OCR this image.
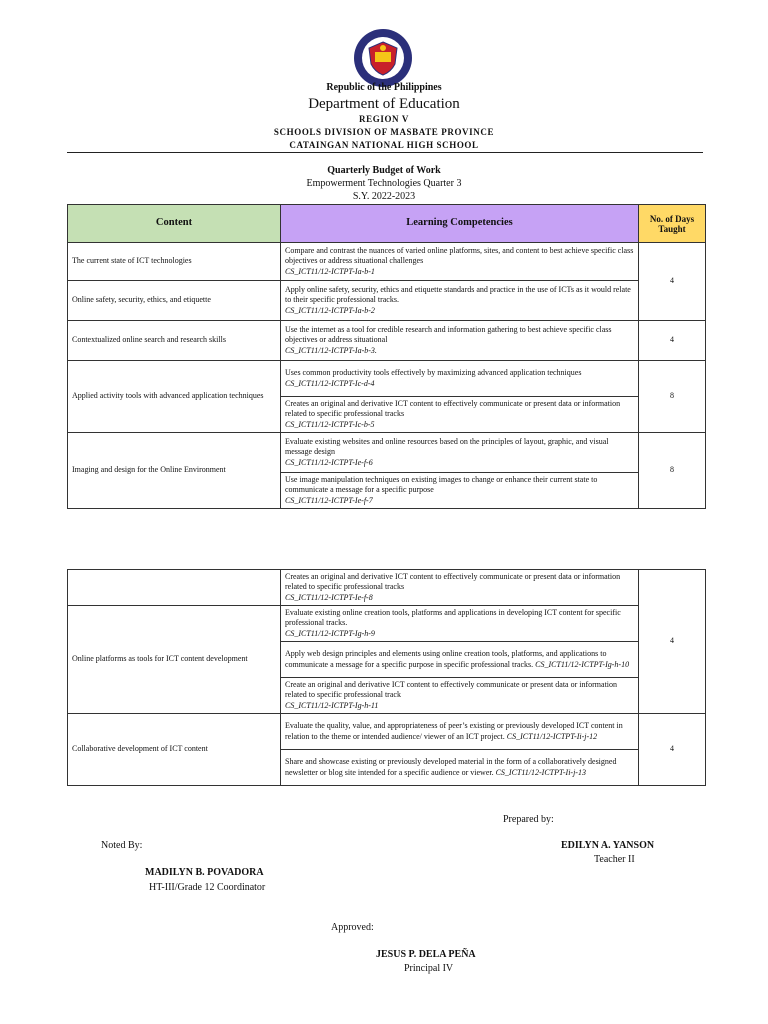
Republic of the Philippines
Department of Education
REGION V
SCHOOLS DIVISION OF MASBATE PROVINCE
CATAINGAN NATIONAL HIGH SCHOOL
Quarterly Budget of Work
Empowerment Technologies Quarter 3
S.Y. 2022-2023
Content	Learning Competencies	No. of Days Taught
The current state of ICT technologies	Compare and contrast the nuances of varied online platforms, sites, and content to best achieve specific class objectives or address situational challenges
CS_ICT11/12-ICTPT-Ia-b-1	4
Online safety, security, ethics, and etiquette	Apply online safety, security, ethics and etiquette standards and practice in the use of ICTs as it would relate to their specific professional tracks.
CS_ICT11/12-ICTPT-Ia-b-2	
Contextualized online search and research skills	Use the internet as a tool for credible research and information gathering to best achieve specific class objectives or address situational
CS_ICT11/12-ICTPT-Ia-b-3.	4
Applied activity tools with advanced application techniques	Uses common productivity tools effectively by maximizing advanced application techniques
CS_ICT11/12-ICTPT-Ic-d-4	8
	Creates an original and derivative ICT content to effectively communicate or present data or information related to specific professional tracks
CS_ICT11/12-ICTPT-Ic-b-5	
Imaging and design for the Online Environment	Evaluate existing websites and online resources based on the principles of layout, graphic, and visual message design
CS_ICT11/12-ICTPT-Ie-f-6	8
	Use image manipulation techniques on existing images to change or enhance their current state to communicate a message for a specific purpose
CS_ICT11/12-ICTPT-Ie-f-7	
	Creates an original and derivative ICT content to effectively communicate or present data or information related to specific professional tracks
CS_ICT11/12-ICTPT-Ie-f-8	4
Online platforms as tools for ICT content development	Evaluate existing online creation tools, platforms and applications in developing ICT content for specific professional tracks.
CS_ICT11/12-ICTPT-Ig-h-9	
	Apply web design principles and elements using online creation tools, platforms, and applications to communicate a message for a specific purpose in specific professional tracks. CS_ICT11/12-ICTPT-Ig-h-10	
	Create an original and derivative ICT content to effectively communicate or present data or information related to specific professional track
CS_ICT11/12-ICTPT-Ig-h-11	
Collaborative development of ICT content	Evaluate the quality, value, and appropriateness of peer’s existing or previously developed ICT content in relation to the theme or intended audience/ viewer of an ICT project. CS_ICT11/12-ICTPT-Ii-j-12	4
	Share and showcase existing or previously developed material in the form of a collaboratively designed newsletter or blog site intended for a specific audience or viewer. CS_ICT11/12-ICTPT-Ii-j-13	
Prepared by:
Noted By:	EDILYN A. YANSON
Teacher II
MADILYN B. POVADORA
HT-III/Grade 12 Coordinator
Approved:
JESUS P. DELA PEÑA
Principal IV
